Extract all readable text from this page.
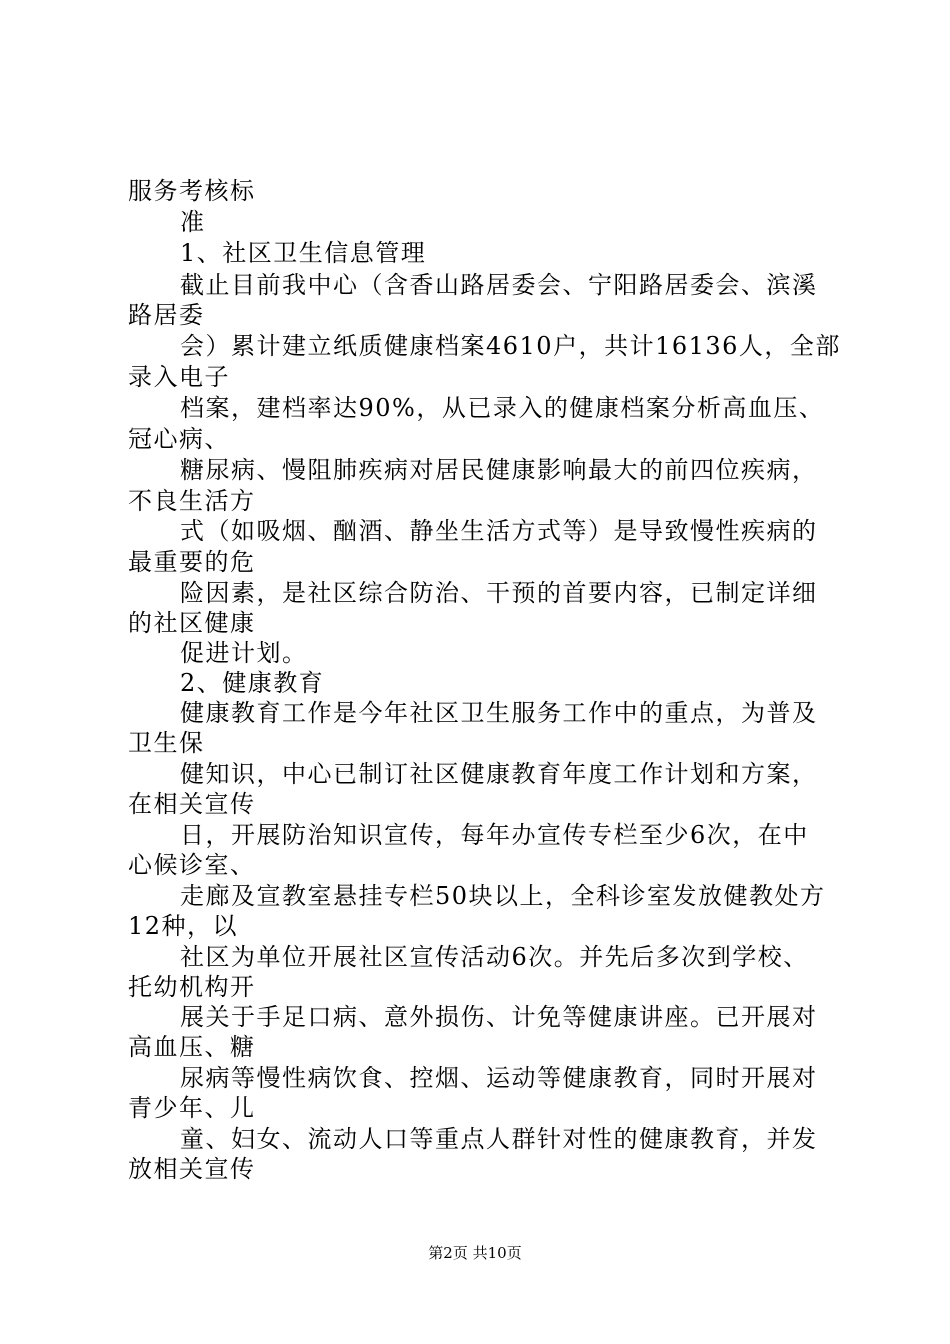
服务考核标
准
1、社区卫生信息管理
截止目前我中心（含香山路居委会、宁阳路居委会、滨溪
路居委
会）累计建立纸质健康档案4610户，共计16136人，全部
录入电子
档案，建档率达90%，从已录入的健康档案分析高血压、
冠心病、
糖尿病、慢阻肺疾病对居民健康影响最大的前四位疾病，
不良生活方
式（如吸烟、酗酒、静坐生活方式等）是导致慢性疾病的
最重要的危
险因素，是社区综合防治、干预的首要内容，已制定详细
的社区健康
促进计划。
2、健康教育
健康教育工作是今年社区卫生服务工作中的重点，为普及
卫生保
健知识，中心已制订社区健康教育年度工作计划和方案，
在相关宣传
日，开展防治知识宣传，每年办宣传专栏至少6次，在中
心候诊室、
走廊及宣教室悬挂专栏50块以上，全科诊室发放健教处方
12种，以
社区为单位开展社区宣传活动6次。并先后多次到学校、
托幼机构开
展关于手足口病、意外损伤、计免等健康讲座。已开展对
高血压、糖
尿病等慢性病饮食、控烟、运动等健康教育，同时开展对
青少年、儿
童、妇女、流动人口等重点人群针对性的健康教育，并发
放相关宣传
第2页 共10页
